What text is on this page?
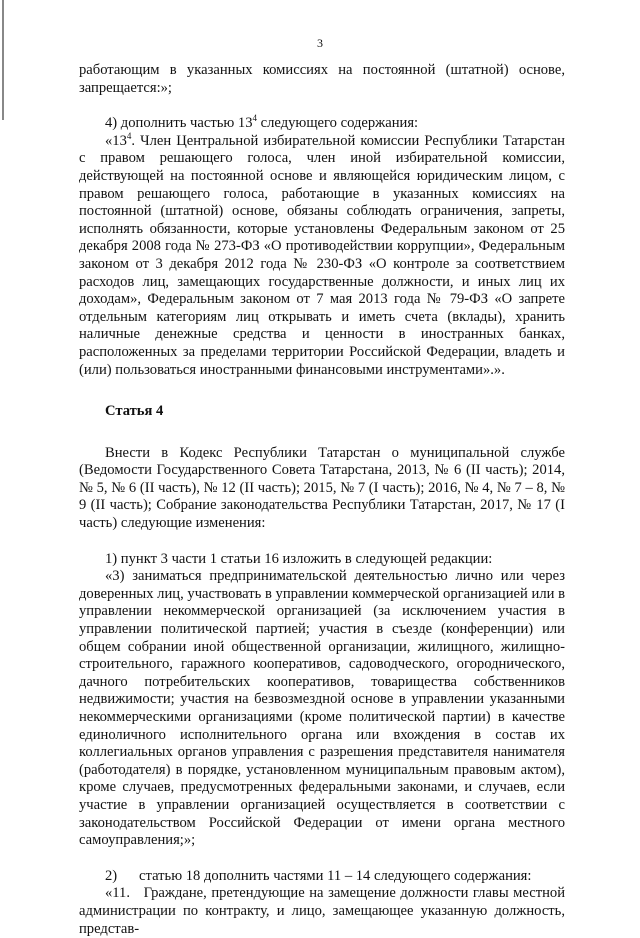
3

работающим в указанных комиссиях на постоянной (штатной) основе, запрещается:»;

4) дополнить частью $13^4$ следующего содержания:

«$13^4$. Член Центральной избирательной комиссии Республики Татарстан с правом решающего голоса, член иной избирательной комиссии, действующей на постоянной основе и являющейся юридическим лицом, с правом решающего голоса, работающие в указанных комиссиях на постоянной (штатной) основе, обязаны соблюдать ограничения, запреты, исполнять обязанности, которые установлены Федеральным законом от 25 декабря 2008 года № 273-ФЗ «О противодействии коррупции», Федеральным законом от 3 декабря 2012 года № 230-ФЗ «О контроле за соответствием расходов лиц, замещающих государственные должности, и иных лиц их доходам», Федеральным законом от 7 мая 2013 года № 79-ФЗ «О запрете отдельным категориям лиц открывать и иметь счета (вклады), хранить наличные денежные средства и ценности в иностранных банках, расположенных за пределами территории Российской Федерации, владеть и (или) пользоваться иностранными финансовыми инструментами».».

Статья 4

Внести в Кодекс Республики Татарстан о муниципальной службе (Ведомости Государственного Совета Татарстана, 2013, № 6 (II часть); 2014, № 5, № 6 (II часть), № 12 (II часть); 2015, № 7 (I часть); 2016, № 4, № 7 – 8, № 9 (II часть); Собрание законодательства Республики Татарстан, 2017, № 17 (I часть) следующие изменения:

1) пункт 3 части 1 статьи 16 изложить в следующей редакции:

«3) заниматься предпринимательской деятельностью лично или через доверенных лиц, участвовать в управлении коммерческой организацией или в управлении некоммерческой организацией (за исключением участия в управлении политической партией; участия в съезде (конференции) или общем собрании иной общественной организации, жилищного, жилищно-строительного, гаражного кооперативов, садоводческого, огороднического, дачного потребительских кооперативов, товарищества собственников недвижимости; участия на безвозмездной основе в управлении указанными некоммерческими организациями (кроме политической партии) в качестве единоличного исполнительного органа или вхождения в состав их коллегиальных органов управления с разрешения представителя нанимателя (работодателя) в порядке, установленном муниципальным правовым актом), кроме случаев, предусмотренных федеральными законами, и случаев, если участие в управлении организацией осуществляется в соответствии с законодательством Российской Федерации от имени органа местного самоуправления;»;

2)      статью 18 дополнить частями 11 – 14 следующего содержания:

«11.   Граждане, претендующие на замещение должности главы местной администрации по контракту, и лицо, замещающее указанную должность, представ-
